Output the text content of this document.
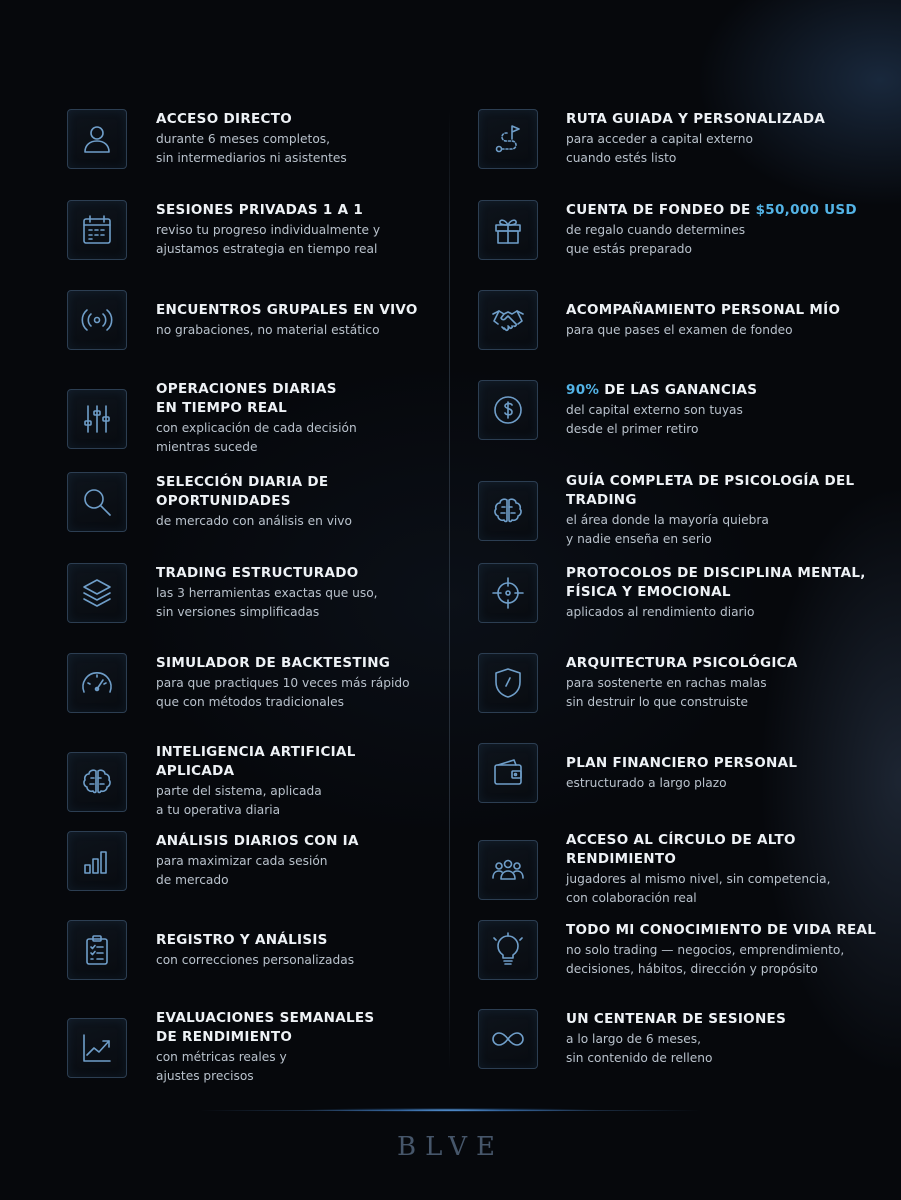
ACCESO DIRECTO
durante 6 meses completos,
sin intermediarios ni asistentes
SESIONES PRIVADAS 1 A 1
reviso tu progreso individualmente y
ajustamos estrategia en tiempo real
ENCUENTROS GRUPALES EN VIVO
no grabaciones, no material estático
OPERACIONES DIARIAS
EN TIEMPO REAL
con explicación de cada decisión
mientras sucede
SELECCIÓN DIARIA DE
OPORTUNIDADES
de mercado con análisis en vivo
TRADING ESTRUCTURADO
las 3 herramientas exactas que uso,
sin versiones simplificadas
SIMULADOR DE BACKTESTING
para que practiques 10 veces más rápido
que con métodos tradicionales
INTELIGENCIA ARTIFICIAL APLICADA
parte del sistema, aplicada
a tu operativa diaria
ANÁLISIS DIARIOS CON IA
para maximizar cada sesión
de mercado
REGISTRO Y ANÁLISIS
con correcciones personalizadas
EVALUACIONES SEMANALES
DE RENDIMIENTO
con métricas reales y
ajustes precisos
RUTA GUIADA Y PERSONALIZADA
para acceder a capital externo
cuando estés listo
CUENTA DE FONDEO DE $50,000 USD
de regalo cuando determines
que estás preparado
ACOMPAÑAMIENTO PERSONAL MÍO
para que pases el examen de fondeo
90% DE LAS GANANCIAS
del capital externo son tuyas
desde el primer retiro
GUÍA COMPLETA DE PSICOLOGÍA DEL TRADING
el área donde la mayoría quiebra
y nadie enseña en serio
PROTOCOLOS DE DISCIPLINA MENTAL,
FÍSICA Y EMOCIONAL
aplicados al rendimiento diario
ARQUITECTURA PSICOLÓGICA
para sostenerte en rachas malas
sin destruir lo que construiste
PLAN FINANCIERO PERSONAL
estructurado a largo plazo
ACCESO AL CÍRCULO DE ALTO RENDIMIENTO
jugadores al mismo nivel, sin competencia,
con colaboración real
TODO MI CONOCIMIENTO DE VIDA REAL
no solo trading — negocios, emprendimiento,
decisiones, hábitos, dirección y propósito
UN CENTENAR DE SESIONES
a lo largo de 6 meses,
sin contenido de relleno
BLVE
